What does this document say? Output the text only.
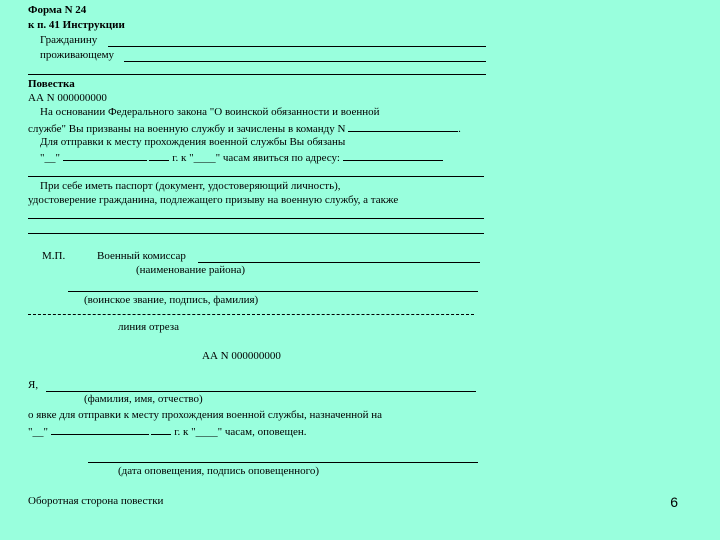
Форма N 24
к п. 41 Инструкции
Гражданину
проживающему
Повестка
АА N 000000000
На основании Федерального закона "О воинской обязанности и военной
службе" Вы призваны на военную службу и зачислены в команду N	.
Для отправки к месту прохождения военной службы Вы обязаны
"__"	г. к "____" часам явиться по адресу:
При себе иметь паспорт (документ, удостоверяющий личность),
удостоверение гражданина, подлежащего призыву на военную службу, а также
М.П.	Военный комиссар
(наименование района)
(воинское звание, подпись, фамилия)
линия отреза
АА N 000000000
Я,
(фамилия, имя, отчество)
о явке для отправки к месту прохождения военной службы, назначенной на
"__"	г. к "____" часам, оповещен.
(дата оповещения, подпись оповещенного)
Оборотная сторона повестки	6
